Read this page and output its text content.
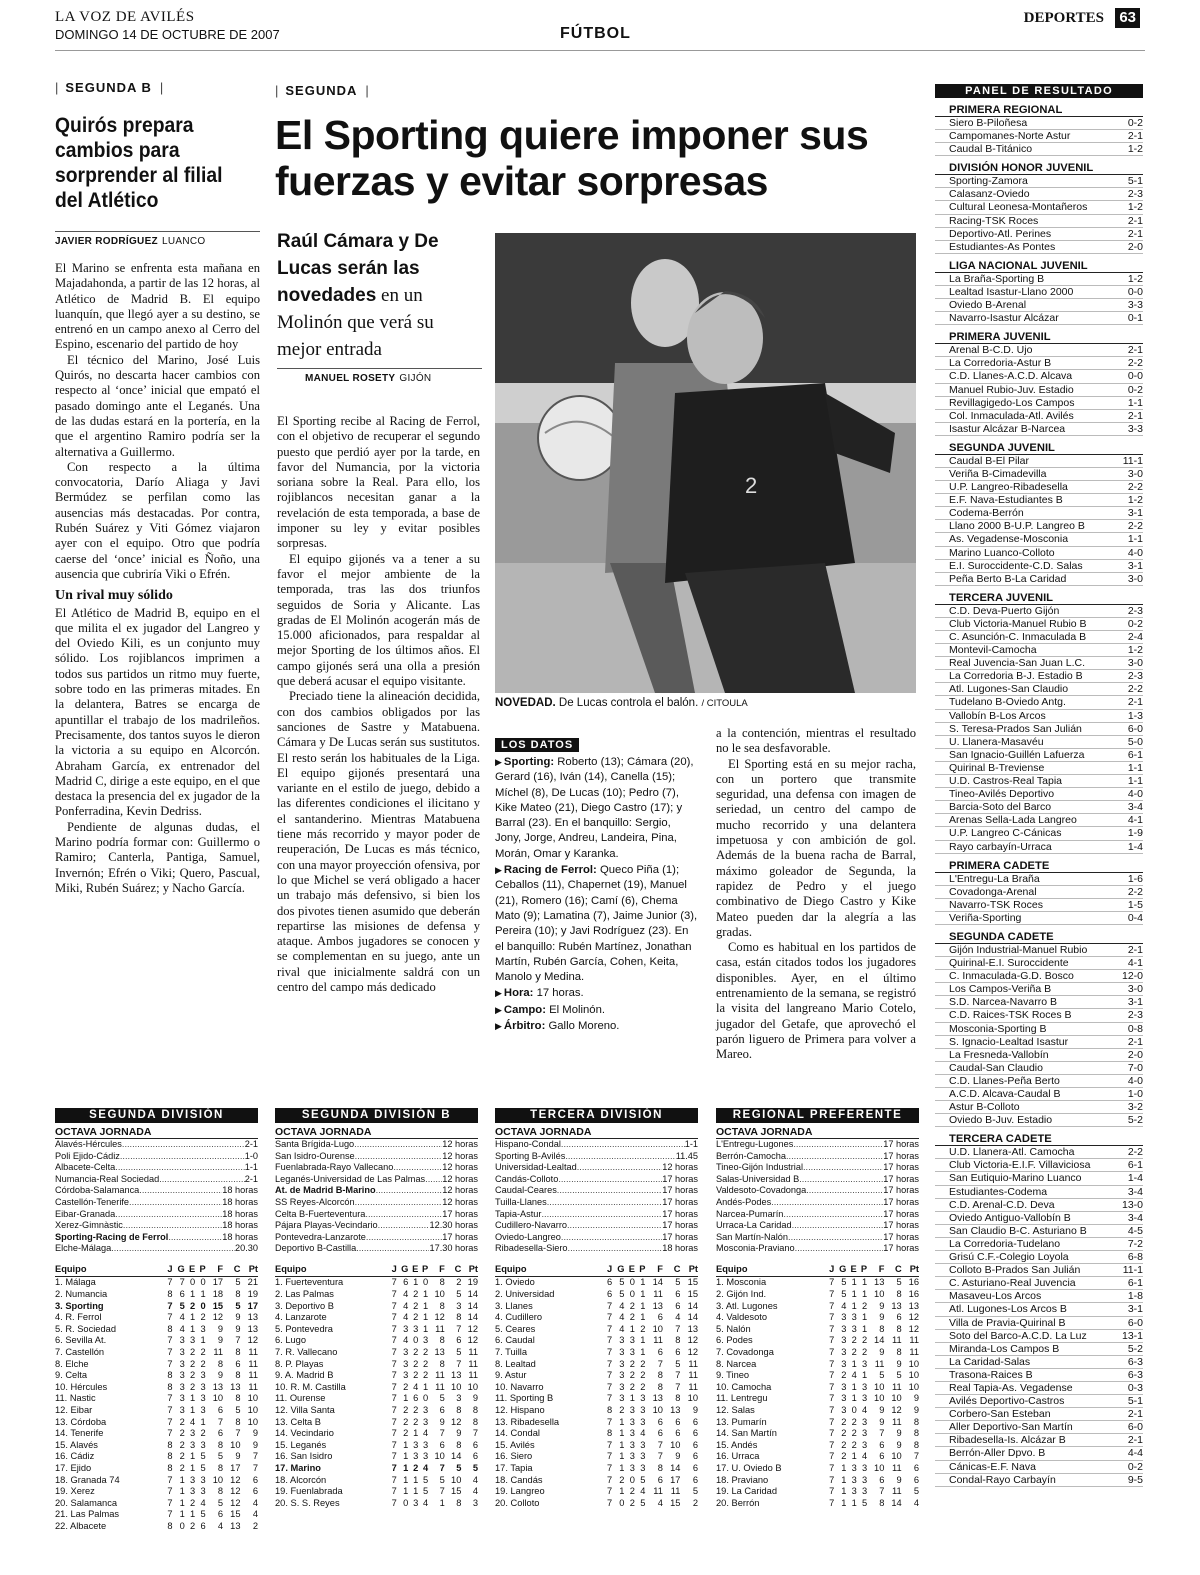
LA VOZ DE AVILÉS
DOMINGO 14 DE OCTUBRE DE 2007	FÚTBOL
DEPORTES 63
| SEGUNDA B |
Quirós prepara cambios para sorprender al filial del Atlético
JAVIER RODRÍGUEZ LUANCO

El Marino se enfrenta esta mañana en Majadahonda, a partir de las 12 horas, al Atlético de Madrid B. El equipo luanquín, que llegó ayer a su destino, se entrenó en un campo anexo al Cerro del Espino, escenario del partido de hoy

El técnico del Marino, José Luis Quirós, no descarta hacer cambios con respecto al ‘once’ inicial que empató el pasado domingo ante el Leganés. Una de las dudas estará en la portería, en la que el argentino Ramiro podría ser la alternativa a Guillermo.

Con respecto a la última convocatoria, Darío Aliaga y Javi Bermúdez se perfilan como las ausencias más destacadas. Por contra, Rubén Suárez y Viti Gómez viajaron ayer con el equipo. Otro que podría caerse del ‘once’ inicial es Ñoño, una ausencia que cubriría Viki o Efrén.

Un rival muy sólido

El Atlético de Madrid B, equipo en el que milita el ex jugador del Langreo y del Oviedo Kili, es un conjunto muy sólido. Los rojiblancos imprimen a todos sus partidos un ritmo muy fuerte, sobre todo en las primeras mitades. En la delantera, Batres se encarga de apuntillar el trabajo de los madrileños. Precisamente, dos tantos suyos le dieron la victoria a su equipo en Alcorcón. Abraham García, ex entrenador del Madrid C, dirige a este equipo, en el que destaca la presencia del ex jugador de la Ponferradina, Kevin Dedriss.

Pendiente de algunas dudas, el Marino podría formar con: Guillermo o Ramiro; Canterla, Pantiga, Samuel, Invernón; Efrén o Viki; Quero, Pascual, Miki, Rubén Suárez; y Nacho García.

| SEGUNDA |
El Sporting quiere imponer sus fuerzas y evitar sorpresas
Raúl Cámara y De Lucas serán las novedades en un Molinón que verá su mejor entrada
MANUEL ROSETY GIJÓN

El Sporting recibe al Racing de Ferrol, con el objetivo de recuperar el segundo puesto que perdió ayer por la tarde, en favor del Numancia, por la victoria soriana sobre la Real. Para ello, los rojiblancos necesitan ganar a la revelación de esta temporada, a base de imponer su ley y evitar posibles sorpresas.

El equipo gijonés va a tener a su favor el mejor ambiente de la temporada, tras las dos triunfos seguidos de Soria y Alicante. Las gradas de El Molinón acogerán más de 15.000 aficionados, para respaldar al mejor Sporting de los últimos años. El campo gijonés será una olla a presión que deberá acusar el equipo visitante.

Preciado tiene la alineación decidida, con dos cambios obligados por las sanciones de Sastre y Matabuena. Cámara y De Lucas serán sus sustitutos. El resto serán los habituales de la Liga. El equipo gijonés presentará una variante en el estilo de juego, debido a las diferentes condiciones el ilicitano y el santanderino. Mientras Matabuena tiene más recorrido y mayor poder de reuperación, De Lucas es más técnico, con una mayor proyección ofensiva, por lo que Michel se verá obligado a hacer un trabajo más defensivo, si bien los dos pivotes tienen asumido que deberán repartirse las misiones de defensa y ataque. Ambos jugadores se conocen y se complementan en su juego, ante un rival que inicialmente saldrá con un centro del campo más dedicado

2
NOVEDAD. De Lucas controla el balón. / CITOULA
LOS DATOS

▶ Sporting: Roberto (13); Cámara (20), Gerard (16), Iván (14), Canella (15); Míchel (8), De Lucas (10); Pedro (7), Kike Mateo (21), Diego Castro (17); y Barral (23). En el banquillo: Sergio, Jony, Jorge, Andreu, Landeira, Pina, Morán, Omar y Karanka.

▶ Racing de Ferrol: Queco Piña (1); Ceballos (11), Chapernet (19), Manuel (21), Romero (16); Camí (6), Chema Mato (9); Lamatina (7), Jaime Junior (3), Pereira (10); y Javi Rodríguez (23). En el banquillo: Rubén Martínez, Jonathan Martín, Rubén García, Cohen, Keita, Manolo y Medina.

▶ Hora: 17 horas.

▶ Campo: El Molinón.

▶ Árbitro: Gallo Moreno.

a la contención, mientras el resultado no le sea desfavorable.

El Sporting está en su mejor racha, con un portero que transmite seguridad, una defensa con imagen de seriedad, un centro del campo de mucho recorrido y una delantera impetuosa y con ambición de gol. Además de la buena racha de Barral, máximo goleador de Segunda, la rapidez de Pedro y el juego combinativo de Diego Castro y Kike Mateo pueden dar la alegría a las gradas.

Como es habitual en los partidos de casa, están citados todos los jugadores disponibles. Ayer, en el último entrenamiento de la semana, se registró la visita del langreano Mario Cotelo, jugador del Getafe, que aprovechó el parón liguero de Primera para volver a Mareo.

PANEL DE RESULTADO
PRIMERA REGIONAL
Siero B-Piloñesa	0-2
Campomanes-Norte Astur	2-1
Caudal B-Titánico	1-2
DIVISIÓN HONOR JUVENIL
Sporting-Zamora	5-1
Calasanz-Oviedo	2-3
Cultural Leonesa-Montañeros	1-2
Racing-TSK Roces	2-1
Deportivo-Atl. Perines	2-1
Estudiantes-As Pontes	2-0
LIGA NACIONAL JUVENIL
La Braña-Sporting B	1-2
Lealtad Isastur-Llano 2000	0-0
Oviedo B-Arenal	3-3
Navarro-Isastur Alcázar	0-1
PRIMERA JUVENIL
Arenal B-C.D. Ujo	2-1
La Corredoria-Astur B	2-2
C.D. Llanes-A.C.D. Alcava	0-0
Manuel Rubio-Juv. Estadio	0-2
Revillagigedo-Los Campos	1-1
Col. Inmaculada-Atl. Avilés	2-1
Isastur Alcázar B-Narcea	3-3
SEGUNDA JUVENIL
Caudal B-El Pilar	11-1
Veriña B-Cimadevilla	3-0
U.P. Langreo-Ribadesella	2-2
E.F. Nava-Estudiantes B	1-2
Codema-Berrón	3-1
Llano 2000 B-U.P. Langreo B	2-2
As. Vegadense-Mosconia	1-1
Marino Luanco-Colloto	4-0
E.I. Suroccidente-C.D. Salas	3-1
Peña Berto B-La Caridad	3-0
TERCERA JUVENIL
C.D. Deva-Puerto Gijón	2-3
Club Victoria-Manuel Rubio B	0-2
C. Asunción-C. Inmaculada B	2-4
Montevil-Camocha	1-2
Real Juvencia-San Juan L.C.	3-0
La Corredoria B-J. Estadio B	2-3
Atl. Lugones-San Claudio	2-2
Tudelano B-Oviedo Antg.	2-1
Vallobín B-Los Arcos	1-3
S. Teresa-Prados San Julián	6-0
U. Llanera-Masavéu	5-0
San Ignacio-Guillén Lafuerza	6-1
Quirinal B-Treviense	1-1
U.D. Castros-Real Tapia	1-1
Tineo-Avilés Deportivo	4-0
Barcia-Soto del Barco	3-4
Arenas Sella-Lada Langreo	4-1
U.P. Langreo C-Cánicas	1-9
Rayo carbayín-Urraca	1-4
PRIMERA CADETE
L'Entregu-La Braña	1-6
Covadonga-Arenal	2-2
Navarro-TSK Roces	1-5
Veriña-Sporting	0-4
SEGUNDA CADETE
Gijón Industrial-Manuel Rubio	2-1
Quirinal-E.I. Suroccidente	4-1
C. Inmaculada-G.D. Bosco	12-0
Los Campos-Veriña B	3-0
S.D. Narcea-Navarro B	3-1
C.D. Raices-TSK Roces B	2-3
Mosconia-Sporting B	0-8
S. Ignacio-Lealtad Isastur	2-1
La Fresneda-Vallobín	2-0
Caudal-San Claudio	7-0
C.D. Llanes-Peña Berto	4-0
A.C.D. Alcava-Caudal B	1-0
Astur B-Colloto	3-2
Oviedo B-Juv. Estadio	5-2
TERCERA CADETE
U.D. Llanera-Atl. Camocha	2-2
Club Victoria-E.I.F. Villaviciosa	6-1
San Eutiquio-Marino Luanco	1-4
Estudiantes-Codema	3-4
C.D. Arenal-C.D. Deva	13-0
Oviedo Antiguo-Vallobín B	3-4
San Claudio B-C. Asturiano B	4-5
La Corredoria-Tudelano	7-2
Grisú C.F.-Colegio Loyola	6-8
Colloto B-Prados San Julián	11-1
C. Asturiano-Real Juvencia	6-1
Masaveu-Los Arcos	1-8
Atl. Lugones-Los Arcos B	3-1
Villa de Pravia-Quirinal B	6-0
Soto del Barco-A.C.D. La Luz	13-1
Miranda-Los Campos B	5-2
La Caridad-Salas	6-3
Trasona-Raices B	6-3
Real Tapia-As. Vegadense	0-3
Avilés Deportivo-Castros	5-1
Corbero-San Esteban	2-1
Aller Deportivo-San Martín	6-0
Ribadesella-Is. Alcázar B	2-1
Berrón-Aller Dpvo. B	4-4
Cánicas-E.F. Nava	0-2
Condal-Rayo Carbayín	9-5
SEGUNDA DIVISIÓN
OCTAVA JORNADA
Alavés-Hércules .....	2-1
Poli Ejido-Cádiz .....	1-0
Albacete-Celta .....	1-1
Numancia-Real Sociedad .....	2-1
Córdoba-Salamanca .....	18 horas
Castellón-Tenerife .....	18 horas
Eibar-Granada .....	18 horas
Xerez-Gimnàstic .....	18 horas
Sporting-Racing de Ferrol .....	18 horas
Elche-Málaga .....	20.30
Equipo	J	G	E	P	F	C	Pt
1. Málaga	7	7	0	0	17	5	21
2. Numancia	8	6	1	1	18	8	19
3. Sporting	7	5	2	0	15	5	17
4. R. Ferrol	7	4	1	2	12	9	13
5. R. Sociedad	8	4	1	3	9	9	13
6. Sevilla At.	7	3	3	1	9	7	12
7. Castellón	7	3	2	2	11	8	11
8. Elche	7	3	2	2	8	6	11
9. Celta	8	3	2	3	9	8	11
10. Hércules	8	3	2	3	13	13	11
11. Nastic	7	3	1	3	10	8	10
12. Eibar	7	3	1	3	6	5	10
13. Córdoba	7	2	4	1	7	8	10
14. Tenerife	7	2	3	2	6	7	9
15. Alavés	8	2	3	3	8	10	9
16. Cádiz	8	2	1	5	5	9	7
17. Ejido	8	2	1	5	8	17	7
18. Granada 74	7	1	3	3	10	12	6
19. Xerez	7	1	3	3	8	12	6
20. Salamanca	7	1	2	4	5	12	4
21. Las Palmas	7	1	1	5	6	15	4
22. Albacete	8	0	2	6	4	13	2
SEGUNDA DIVISIÓN B
OCTAVA JORNADA
Santa Brígida-Lugo .....	12 horas
San Isidro-Ourense .....	12 horas
Fuenlabrada-Rayo Vallecano .....	12 horas
Leganés-Universidad de Las Palmas ..... 12 horas
At. de Madrid B-Marino .....	12 horas
SS Reyes-Alcorcón .....	12 horas
Celta B-Fuerteventura .....	17 horas
Pájara Playas-Vecindario .....	12.30 horas
Pontevedra-Lanzarote .....	17 horas
Deportivo B-Castilla .....	17.30 horas
Equipo	J	G	E	P	F	C	Pt
1. Fuerteventura	7	6	1	0	8	2	19
2. Las Palmas	7	4	2	1	10	5	14
3. Deportivo B	7	4	2	1	8	3	14
4. Lanzarote	7	4	2	1	12	8	14
5. Pontevedra	7	3	3	1	11	7	12
6. Lugo	7	4	0	3	8	6	12
7. R. Vallecano	7	3	2	2	13	5	11
8. P. Playas	7	3	2	2	8	7	11
9. A. Madrid B	7	3	2	2	11	13	11
10. R. M. Castilla	7	2	4	1	11	10	10
11. Ourense	7	1	6	0	5	3	9
12. Villa Santa	7	2	2	3	6	8	8
13. Celta B	7	2	2	3	9	12	8
14. Vecindario	7	2	1	4	7	9	7
15. Leganés	7	1	3	3	6	8	6
16. San Isidro	7	1	3	3	10	14	6
17. Marino	7	1	2	4	7	5	5
18. Alcorcón	7	1	1	5	5	10	4
19. Fuenlabrada	7	1	1	5	7	15	4
20. S. S. Reyes	7	0	3	4	1	8	3
TERCERA DIVISIÓN
OCTAVA JORNADA
Hispano-Condal .....	1-1
Sporting B-Avilés .....	11.45
Universidad-Lealtad .....	12 horas
Candás-Colloto .....	17 horas
Caudal-Ceares .....	17 horas
Tuilla-Llanes .....	17 horas
Tapia-Astur .....	17 horas
Cudillero-Navarro .....	17 horas
Oviedo-Langreo .....	17 horas
Ribadesella-Siero .....	18 horas
Equipo	J	G	E	P	F	C	Pt
1. Oviedo	6	5	0	1	14	5	15
2. Universidad	6	5	0	1	11	6	15
3. Llanes	7	4	2	1	13	6	14
4. Cudillero	7	4	2	1	6	4	14
5. Ceares	7	4	1	2	10	7	13
6. Caudal	7	3	3	1	11	8	12
7. Tuilla	7	3	3	1	6	6	12
8. Lealtad	7	3	2	2	7	5	11
9. Astur	7	3	2	2	8	7	11
10. Navarro	7	3	2	2	8	7	11
11. Sporting B	7	3	1	3	13	8	10
12. Hispano	8	2	3	3	10	13	9
13. Ribadesella	7	1	3	3	6	6	6
14. Condal	8	1	3	4	6	6	6
15. Avilés	7	1	3	3	7	10	6
16. Siero	7	1	3	3	7	9	6
17. Tapia	7	1	3	3	8	14	6
18. Candás	7	2	0	5	6	17	6
19. Langreo	7	1	2	4	11	11	5
20. Colloto	7	0	2	5	4	15	2
REGIONAL PREFERENTE
OCTAVA JORNADA
L'Entregu-Lugones .....	17 horas
Berrón-Camocha .....	17 horas
Tineo-Gijón Industrial .....	17 horas
Salas-Universidad B .....	17 horas
Valdesoto-Covadonga .....	17 horas
Andés-Podes .....	17 horas
Narcea-Pumarín .....	17 horas
Urraca-La Caridad .....	17 horas
San Martín-Nalón .....	17 horas
Mosconia-Praviano .....	17 horas
Equipo	J	G	E	P	F	C	Pt
1. Mosconia	7	5	1	1	13	5	16
2. Gijón Ind.	7	5	1	1	10	8	16
3. Atl. Lugones	7	4	1	2	9	13	13
4. Valdesoto	7	3	3	1	9	6	12
5. Nalón	7	3	3	1	8	8	12
6. Podes	7	3	2	2	14	11	11
7. Covadonga	7	3	2	2	9	8	11
8. Narcea	7	3	1	3	11	9	10
9. Tineo	7	2	4	1	5	5	10
10. Camocha	7	3	1	3	10	11	10
11. Lentregu	7	3	1	3	10	10	9
12. Salas	7	3	0	4	9	12	9
13. Pumarín	7	2	2	3	9	11	8
14. San Martín	7	2	2	3	7	9	8
15. Andés	7	2	2	3	6	9	8
16. Urraca	7	2	1	4	6	10	7
17. U. Oviedo B	7	1	3	3	10	11	6
18. Praviano	7	1	3	3	6	9	6
19. La Caridad	7	1	3	3	7	11	5
20. Berrón	7	1	1	5	8	14	4
